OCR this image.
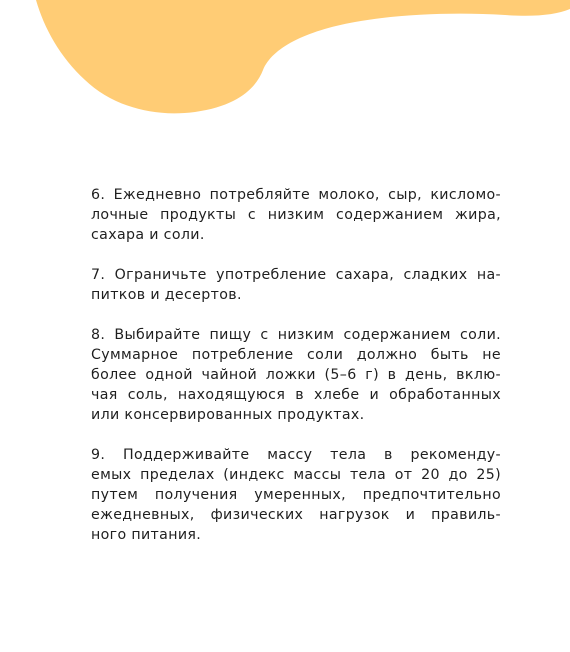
6. Ежедневно потребляйте молоко, сыр, кисломо-
лочные продукты с низким содержанием жира,
сахара и соли.

7. Ограничьте употребление сахара, сладких на-
питков и десертов.

8. Выбирайте пищу с низким содержанием соли.
Суммарное потребление соли должно быть не
более одной чайной ложки (5–6 г) в день, вклю-
чая соль, находящуюся в хлебе и обработанных
или консервированных продуктах.

9. Поддерживайте массу тела в рекоменду-
емых пределах (индекс массы тела от 20 до 25)
путем получения умеренных, предпочтительно
ежедневных, физических нагрузок и правиль-
ного питания.
